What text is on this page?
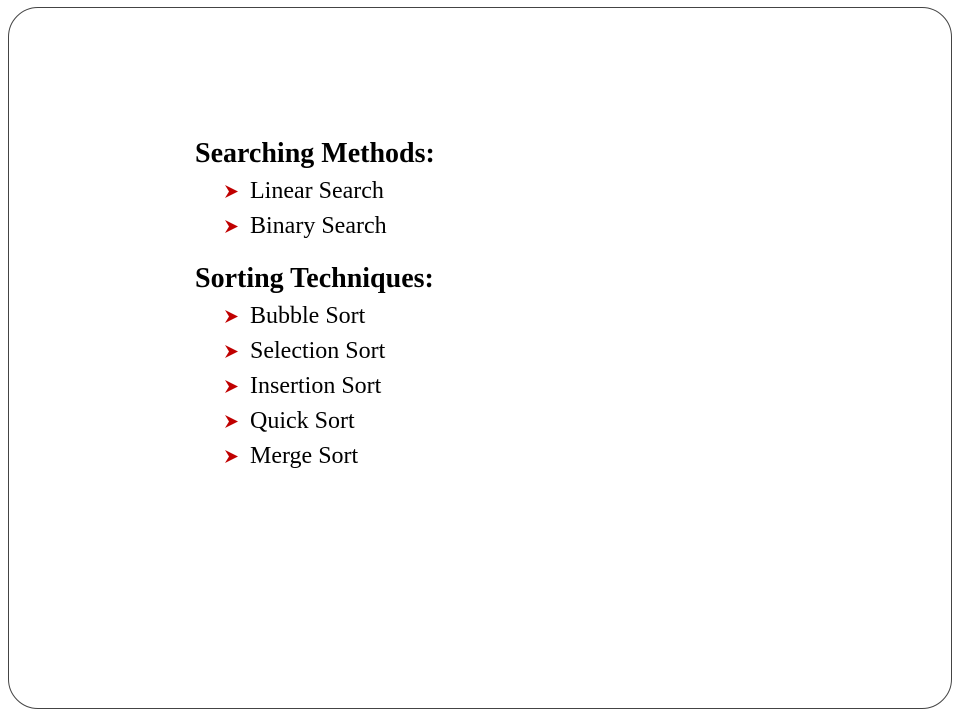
Searching Methods:
Linear Search
Binary Search
Sorting Techniques:
Bubble Sort
Selection Sort
Insertion Sort
Quick Sort
Merge Sort
